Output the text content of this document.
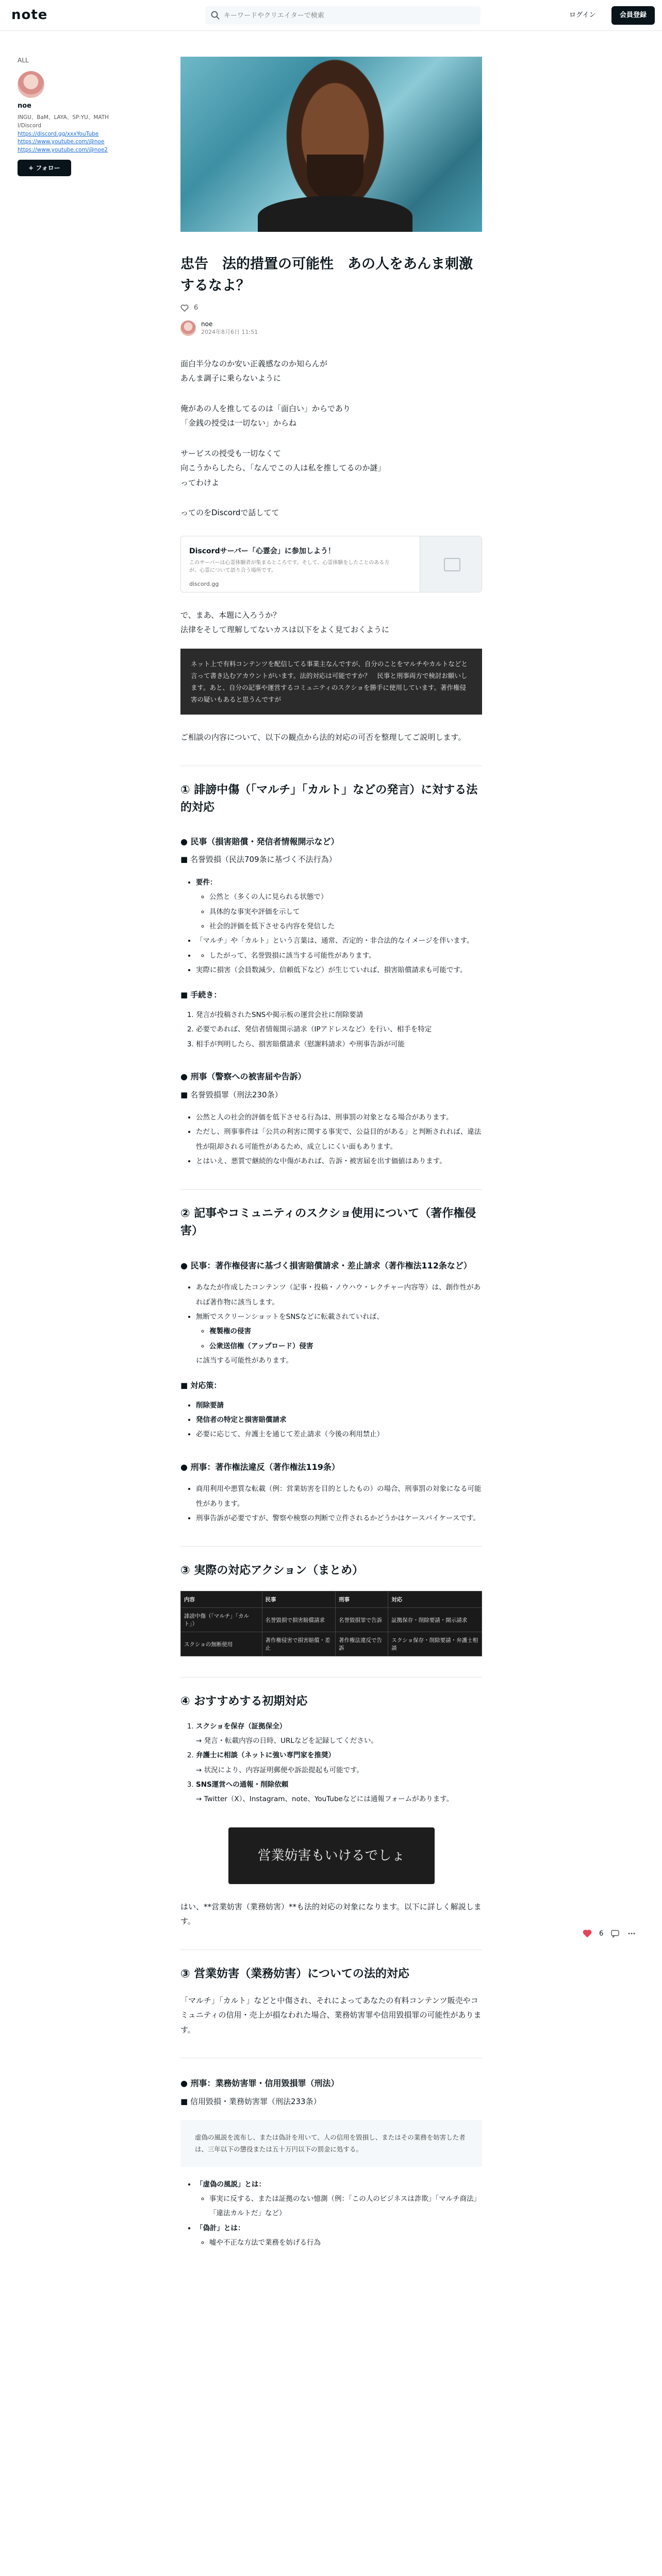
note
キーワードやクリエイターで検索	ログイン	会員登録
ALL
noe
INGU、BaM、LAYA、SP:YU、MATHI/Discord
https://discord.gg/xxxYouTube
https://www.youtube.com/@noe
https://www.youtube.com/@noe2
+ フォロー
忠告　法的措置の可能性　あの人をあんま刺激するなよ？
6
noe
2024年8月6日 11:51

面白半分なのか安い正義感なのか知らんが

あんま調子に乗らないように

俺があの人を推してるのは「面白い」からであり

「金銭の授受は一切ない」からね

サービスの授受も一切なくて

向こうからしたら、「なんでこの人は私を推してるのか謎」

ってわけよ

ってのをDiscordで話してて

Discordサーバー「心霊会」に参加しよう！
このサーバーは心霊体験者が集まるところです。そして、心霊体験をしたことのある方が、心霊について語り合う場所です。
discord.gg

で、まあ、本題に入ろうか？

法律をそして理解してないカスは以下をよく見ておくように

ネット上で有料コンテンツを配信してる事業主なんですが、自分のことをマルチやカルトなどと言って書き込むアカウントがいます。法的対応は可能ですか？　民事と刑事両方で検討お願いします。あと、自分の記事や運営するコミュニティのスクショを勝手に使用しています。著作権侵害の疑いもあると思うんですが

ご相談の内容について、以下の観点から法的対応の可否を整理してご説明します。

① 誹謗中傷（「マルチ」「カルト」などの発言）に対する法的対応
● 民事（損害賠償・発信者情報開示など）

■ 名誉毀損（民法709条に基づく不法行為）

• 要件：
◦ 公然と（多くの人に見られる状態で）
◦ 具体的な事実や評価を示して
◦ 社会的評価を低下させる内容を発信した
• 「マルチ」や「カルト」という言葉は、通常、否定的・非合法的なイメージを伴います。
◦ • したがって、名誉毀損に該当する可能性があります。
• 実際に損害（会員数減少、信頼低下など）が生じていれば、損害賠償請求も可能です。

■ 手続き：

1. 発言が投稿されたSNSや掲示板の運営会社に削除要請
2. 必要であれば、発信者情報開示請求（IPアドレスなど）を行い、相手を特定
3. 相手が判明したら、損害賠償請求（慰謝料請求）や刑事告訴が可能
● 刑事（警察への被害届や告訴）

■ 名誉毀損罪（刑法230条）

• 公然と人の社会的評価を低下させる行為は、刑事罰の対象となる場合があります。
• ただし、刑事事件は「公共の利害に関する事実で、公益目的がある」と判断されれば、違法性が阻却される可能性があるため、成立しにくい面もあります。
• とはいえ、悪質で継続的な中傷があれば、告訴・被害届を出す価値はあります。
② 記事やコミュニティのスクショ使用について（著作権侵害）
● 民事：著作権侵害に基づく損害賠償請求・差止請求（著作権法112条など）
• あなたが作成したコンテンツ（記事・投稿・ノウハウ・レクチャー内容等）は、創作性があれば著作物に該当します。
• 無断でスクリーンショットをSNSなどに転載されていれば、
◦ 複製権の侵害
◦ 公衆送信権（アップロード）侵害
に該当する可能性があります。

■ 対応策：

• 削除要請
• 発信者の特定と損害賠償請求
• 必要に応じて、弁護士を通じて差止請求（今後の利用禁止）
● 刑事：著作権法違反（著作権法119条）
• 商用利用や悪質な転載（例：営業妨害を目的としたもの）の場合、刑事罰の対象になる可能性があります。
• 刑事告訴が必要ですが、警察や検察の判断で立件されるかどうかはケースバイケースです。
③ 実際の対応アクション（まとめ）
内容	民事	刑事	対応
誹謗中傷（「マルチ」「カルト」）	名誉毀損で損害賠償請求	名誉毀損罪で告訴	証拠保存・削除要請・開示請求
スクショの無断使用	著作権侵害で損害賠償・差止	著作権法違反で告訴	スクショ保存・削除要請・弁護士相談
④ おすすめする初期対応
1. スクショを保存（証拠保全）
→ 発言・転載内容の日時、URLなどを記録してください。
2. 弁護士に相談（ネットに強い専門家を推奨）
→ 状況により、内容証明郵便や訴訟提起も可能です。
3. SNS運営への通報・削除依頼
→ Twitter（X）、Instagram、note、YouTubeなどには通報フォームがあります。
営業妨害もいけるでしょ

はい、**営業妨害（業務妨害）**も法的対応の対象になります。以下に詳しく解説します。

③ 営業妨害（業務妨害）についての法的対応

「マルチ」「カルト」などと中傷され、それによってあなたの有料コンテンツ販売やコミュニティの信用・売上が損なわれた場合、業務妨害罪や信用毀損罪の可能性があります。

● 刑事：業務妨害罪・信用毀損罪（刑法）

■ 信用毀損・業務妨害罪（刑法233条）

虚偽の風説を流布し、または偽計を用いて、人の信用を毀損し、またはその業務を妨害した者は、三年以下の懲役または五十万円以下の罰金に処する。
• 「虚偽の風説」とは：
◦ 事実に反する、または証拠のない憶測（例：「この人のビジネスは詐欺」「マルチ商法」「違法カルトだ」など）
• 「偽計」とは：
◦ 嘘や不正な方法で業務を妨げる行為
6
